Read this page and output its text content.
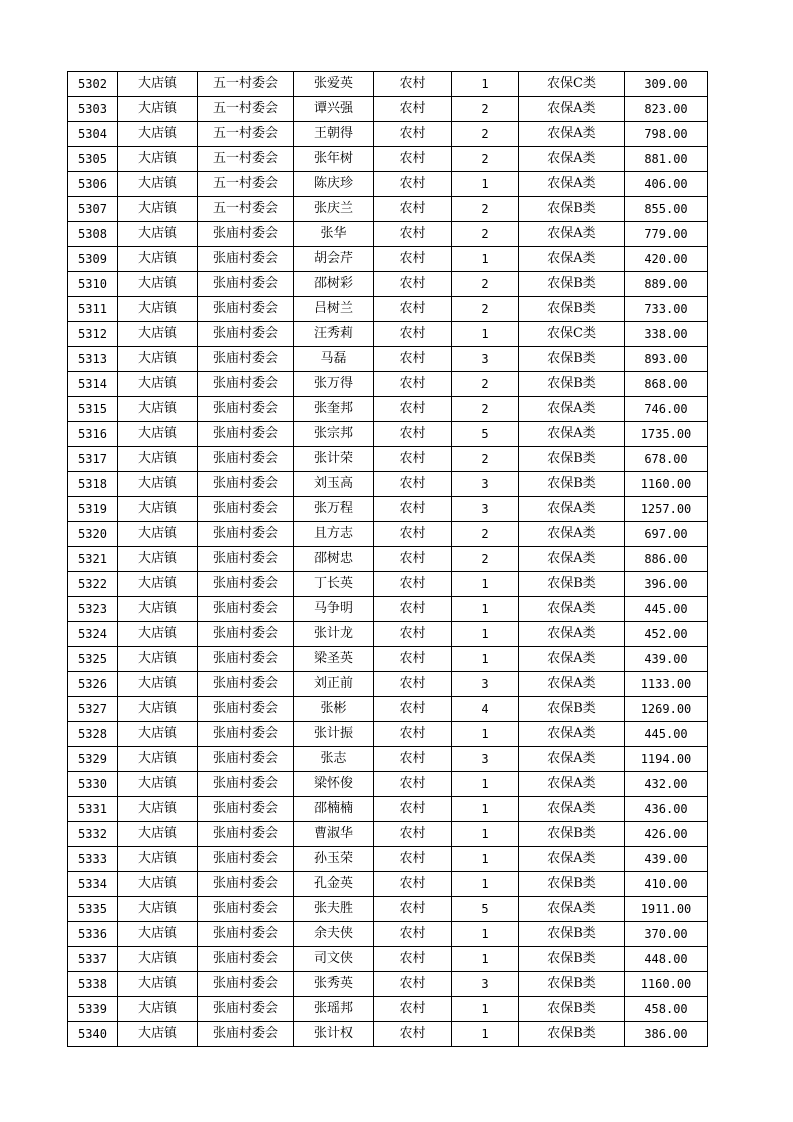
5302	大店镇	五一村委会	张爱英	农村	1	农保C类	309.00
5303	大店镇	五一村委会	谭兴强	农村	2	农保A类	823.00
5304	大店镇	五一村委会	王朝得	农村	2	农保A类	798.00
5305	大店镇	五一村委会	张年树	农村	2	农保A类	881.00
5306	大店镇	五一村委会	陈庆珍	农村	1	农保A类	406.00
5307	大店镇	五一村委会	张庆兰	农村	2	农保B类	855.00
5308	大店镇	张庙村委会	张华	农村	2	农保A类	779.00
5309	大店镇	张庙村委会	胡会芹	农村	1	农保A类	420.00
5310	大店镇	张庙村委会	邵树彩	农村	2	农保B类	889.00
5311	大店镇	张庙村委会	吕树兰	农村	2	农保B类	733.00
5312	大店镇	张庙村委会	汪秀莉	农村	1	农保C类	338.00
5313	大店镇	张庙村委会	马磊	农村	3	农保B类	893.00
5314	大店镇	张庙村委会	张万得	农村	2	农保B类	868.00
5315	大店镇	张庙村委会	张奎邦	农村	2	农保A类	746.00
5316	大店镇	张庙村委会	张宗邦	农村	5	农保A类	1735.00
5317	大店镇	张庙村委会	张计荣	农村	2	农保B类	678.00
5318	大店镇	张庙村委会	刘玉高	农村	3	农保B类	1160.00
5319	大店镇	张庙村委会	张万程	农村	3	农保A类	1257.00
5320	大店镇	张庙村委会	且方志	农村	2	农保A类	697.00
5321	大店镇	张庙村委会	邵树忠	农村	2	农保A类	886.00
5322	大店镇	张庙村委会	丁长英	农村	1	农保B类	396.00
5323	大店镇	张庙村委会	马争明	农村	1	农保A类	445.00
5324	大店镇	张庙村委会	张计龙	农村	1	农保A类	452.00
5325	大店镇	张庙村委会	梁圣英	农村	1	农保A类	439.00
5326	大店镇	张庙村委会	刘正前	农村	3	农保A类	1133.00
5327	大店镇	张庙村委会	张彬	农村	4	农保B类	1269.00
5328	大店镇	张庙村委会	张计振	农村	1	农保A类	445.00
5329	大店镇	张庙村委会	张志	农村	3	农保A类	1194.00
5330	大店镇	张庙村委会	梁怀俊	农村	1	农保A类	432.00
5331	大店镇	张庙村委会	邵楠楠	农村	1	农保A类	436.00
5332	大店镇	张庙村委会	曹淑华	农村	1	农保B类	426.00
5333	大店镇	张庙村委会	孙玉荣	农村	1	农保A类	439.00
5334	大店镇	张庙村委会	孔金英	农村	1	农保B类	410.00
5335	大店镇	张庙村委会	张夫胜	农村	5	农保A类	1911.00
5336	大店镇	张庙村委会	余夫侠	农村	1	农保B类	370.00
5337	大店镇	张庙村委会	司文侠	农村	1	农保B类	448.00
5338	大店镇	张庙村委会	张秀英	农村	3	农保B类	1160.00
5339	大店镇	张庙村委会	张瑶邦	农村	1	农保B类	458.00
5340	大店镇	张庙村委会	张计权	农村	1	农保B类	386.00
